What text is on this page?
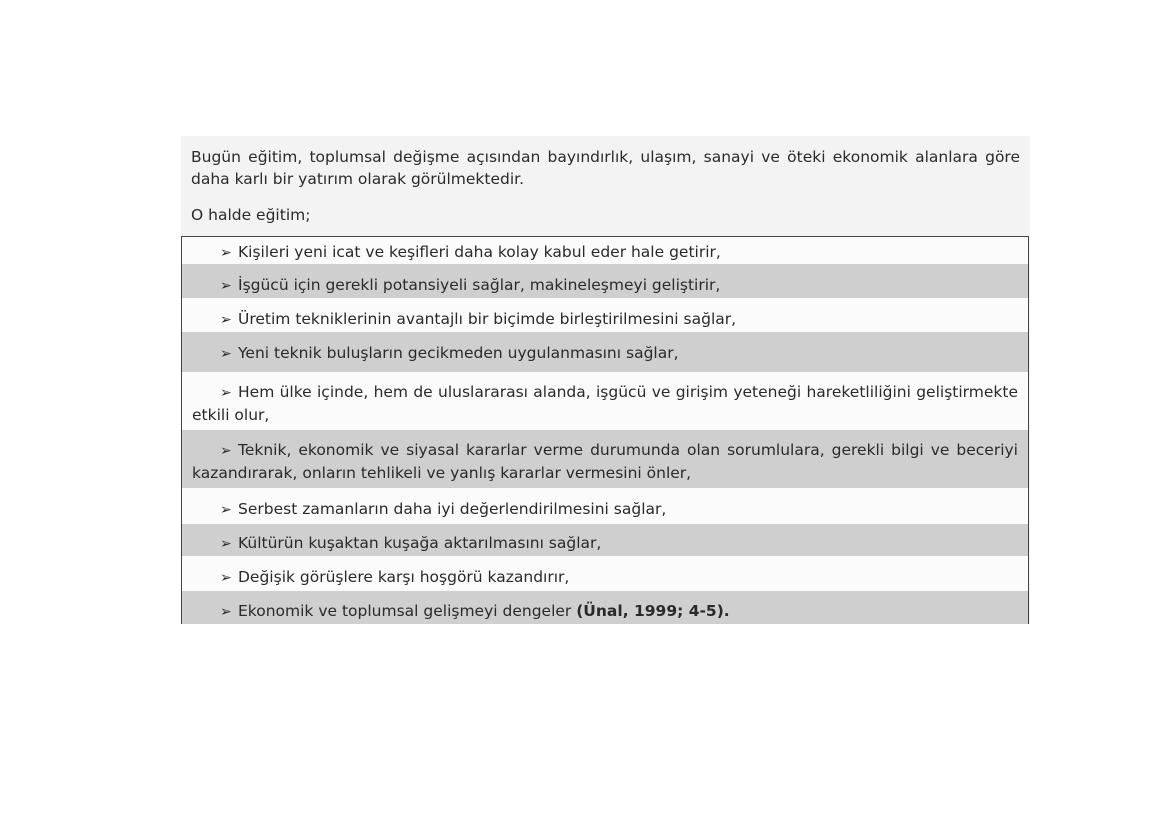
Bugün eğitim, toplumsal değişme açısından bayındırlık, ulaşım, sanayi ve öteki ekonomik alanlara göre daha karlı bir yatırım olarak görülmektedir.
O halde eğitim;
➢ Kişileri yeni icat ve keşifleri daha kolay kabul eder hale getirir,
➢ İşgücü için gerekli potansiyeli sağlar, makineleşmeyi geliştirir,
➢ Üretim tekniklerinin avantajlı bir biçimde birleştirilmesini sağlar,
➢ Yeni teknik buluşların gecikmeden uygulanmasını sağlar,
➢ Hem ülke içinde, hem de uluslararası alanda, işgücü ve girişim yeteneği hareketliliğini geliştirmekte etkili olur,
➢ Teknik, ekonomik ve siyasal kararlar verme durumunda olan sorumlulara, gerekli bilgi ve beceriyi kazandırarak, onların tehlikeli ve yanlış kararlar vermesini önler,
➢ Serbest zamanların daha iyi değerlendirilmesini sağlar,
➢ Kültürün kuşaktan kuşağa aktarılmasını sağlar,
➢ Değişik görüşlere karşı hoşgörü kazandırır,
➢ Ekonomik ve toplumsal gelişmeyi dengeler (Ünal, 1999; 4-5).
